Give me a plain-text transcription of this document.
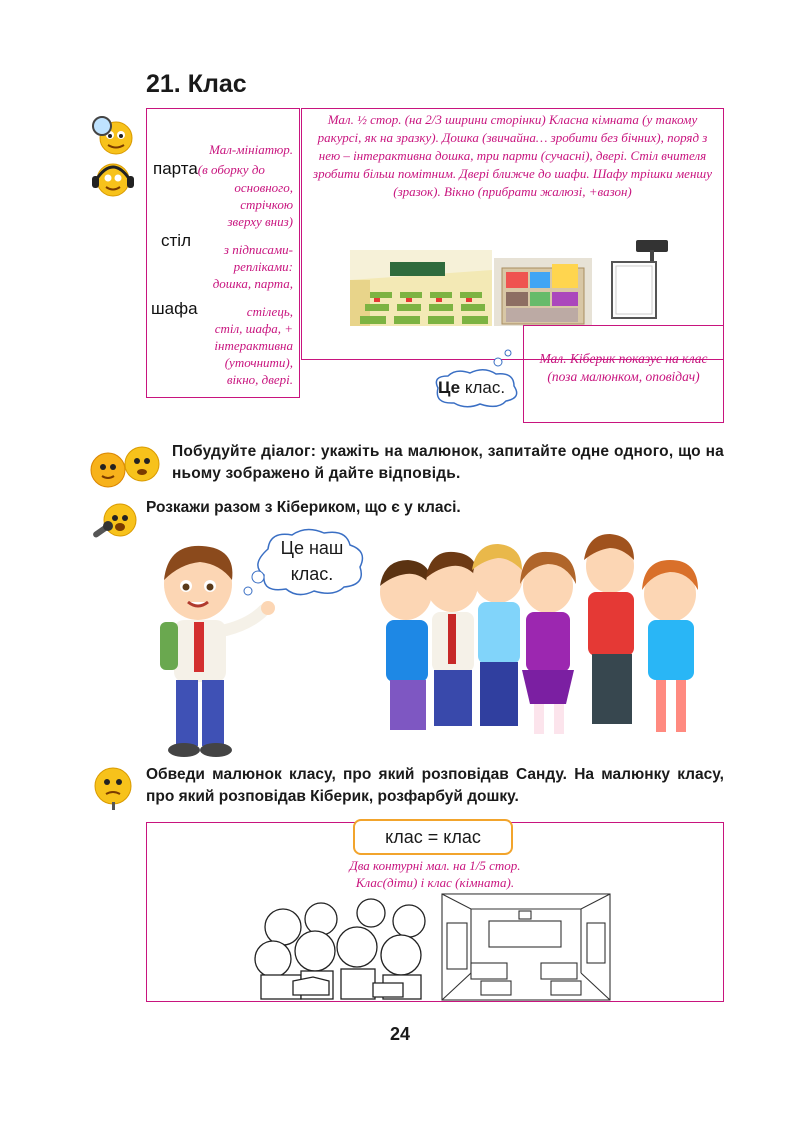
21. Клас
Мал-мініатюр.
парта(в оборку до
основного,
стрічкою
зверху вниз)
стіл	з підписами-
репліками:
дошка, парта,
шафа	стілець,
стіл, шафа, +
інтерактивна
(уточнити),
вікно, двері.
Мал. ½ стор. (на 2/3 ширини сторінки) Класна кімната (у такому ракурсі, як на зразку). Дошка (звичайна… зробити без бічних), поряд з нею – інтерактивна дошка, три парти (сучасні), двері. Стіл вчителя зробити більш помітним. Двері ближче до шафи. Шафу трішки меншу (зразок). Вікно (прибрати жалюзі, +вазон)
Мал. Кіберик показує на клас (поза малюнком, оповідач)
Це клас.
Побудуйте діалог: укажіть на малюнок, запитайте одне одного, що на ньому зображено й дайте відповідь.
Розкажи разом з Кібериком, що є у класі.
Це наш
клас.
Обведи малюнок класу, про який розповідав Санду. На малюнку класу, про який розповідав Кіберик, розфарбуй дошку.
клас = клас
Два контурні мал. на 1/5 стор.
Клас(діти) і клас (кімната).
24
